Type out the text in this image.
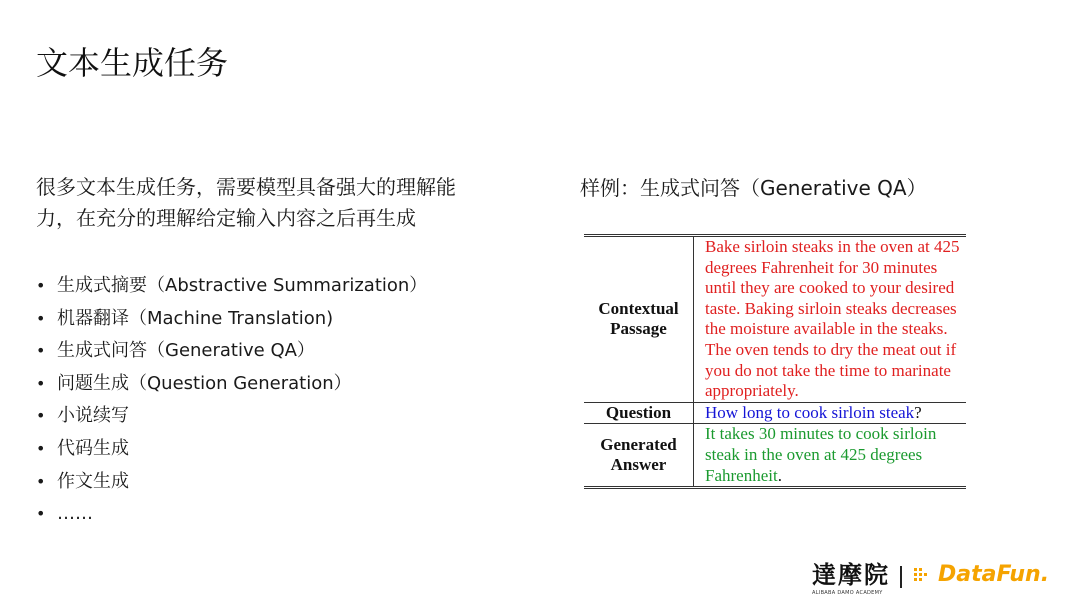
文本生成任务
很多文本生成任务，需要模型具备强大的理解能力，在充分的理解给定输入内容之后再生成
• 生成式摘要（Abstractive Summarization）
• 机器翻译（Machine Translation)
• 生成式问答（Generative QA）
• 问题生成（Question Generation）
• 小说续写
• 代码生成
• 作文生成
• ……
样例：生成式问答（Generative QA）
Contextual Passage	Bake sirloin steaks in the oven at 425 degrees Fahrenheit for 30 minutes until they are cooked to your desired taste. Baking sirloin steaks decreases the moisture available in the steaks. The oven tends to dry the meat out if you do not take the time to marinate appropriately.
Question	How long to cook sirloin steak?
Generated Answer	It takes 30 minutes to cook sirloin steak in the oven at 425 degrees Fahrenheit.
達摩院
ALIBABA DAMO ACADEMY
DataFun.
